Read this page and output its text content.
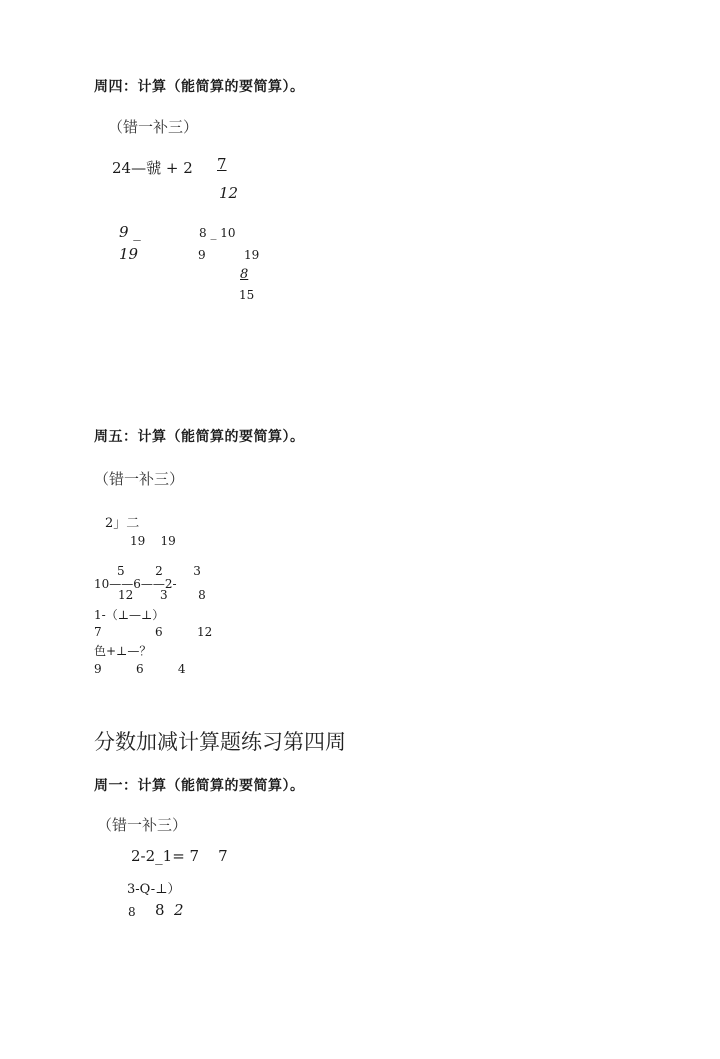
周四：计算（能简算的要简算）。
（错一补三）
24—虢 + 2 7
12
9 _
19
8 _ 10
9	19
8
15
周五：计算（能简算的要简算）。
（错一补三）
2」二
19    19
5        2        3
10——6——2-
12       3        8
1-（⊥—⊥）
7              6         12
色+⊥—？
9         6         4
分数加减计算题练习第四周
周一：计算（能简算的要简算）。
（错一补三）
2-2_1= 7    7
3-Q-⊥）
8 8 2
